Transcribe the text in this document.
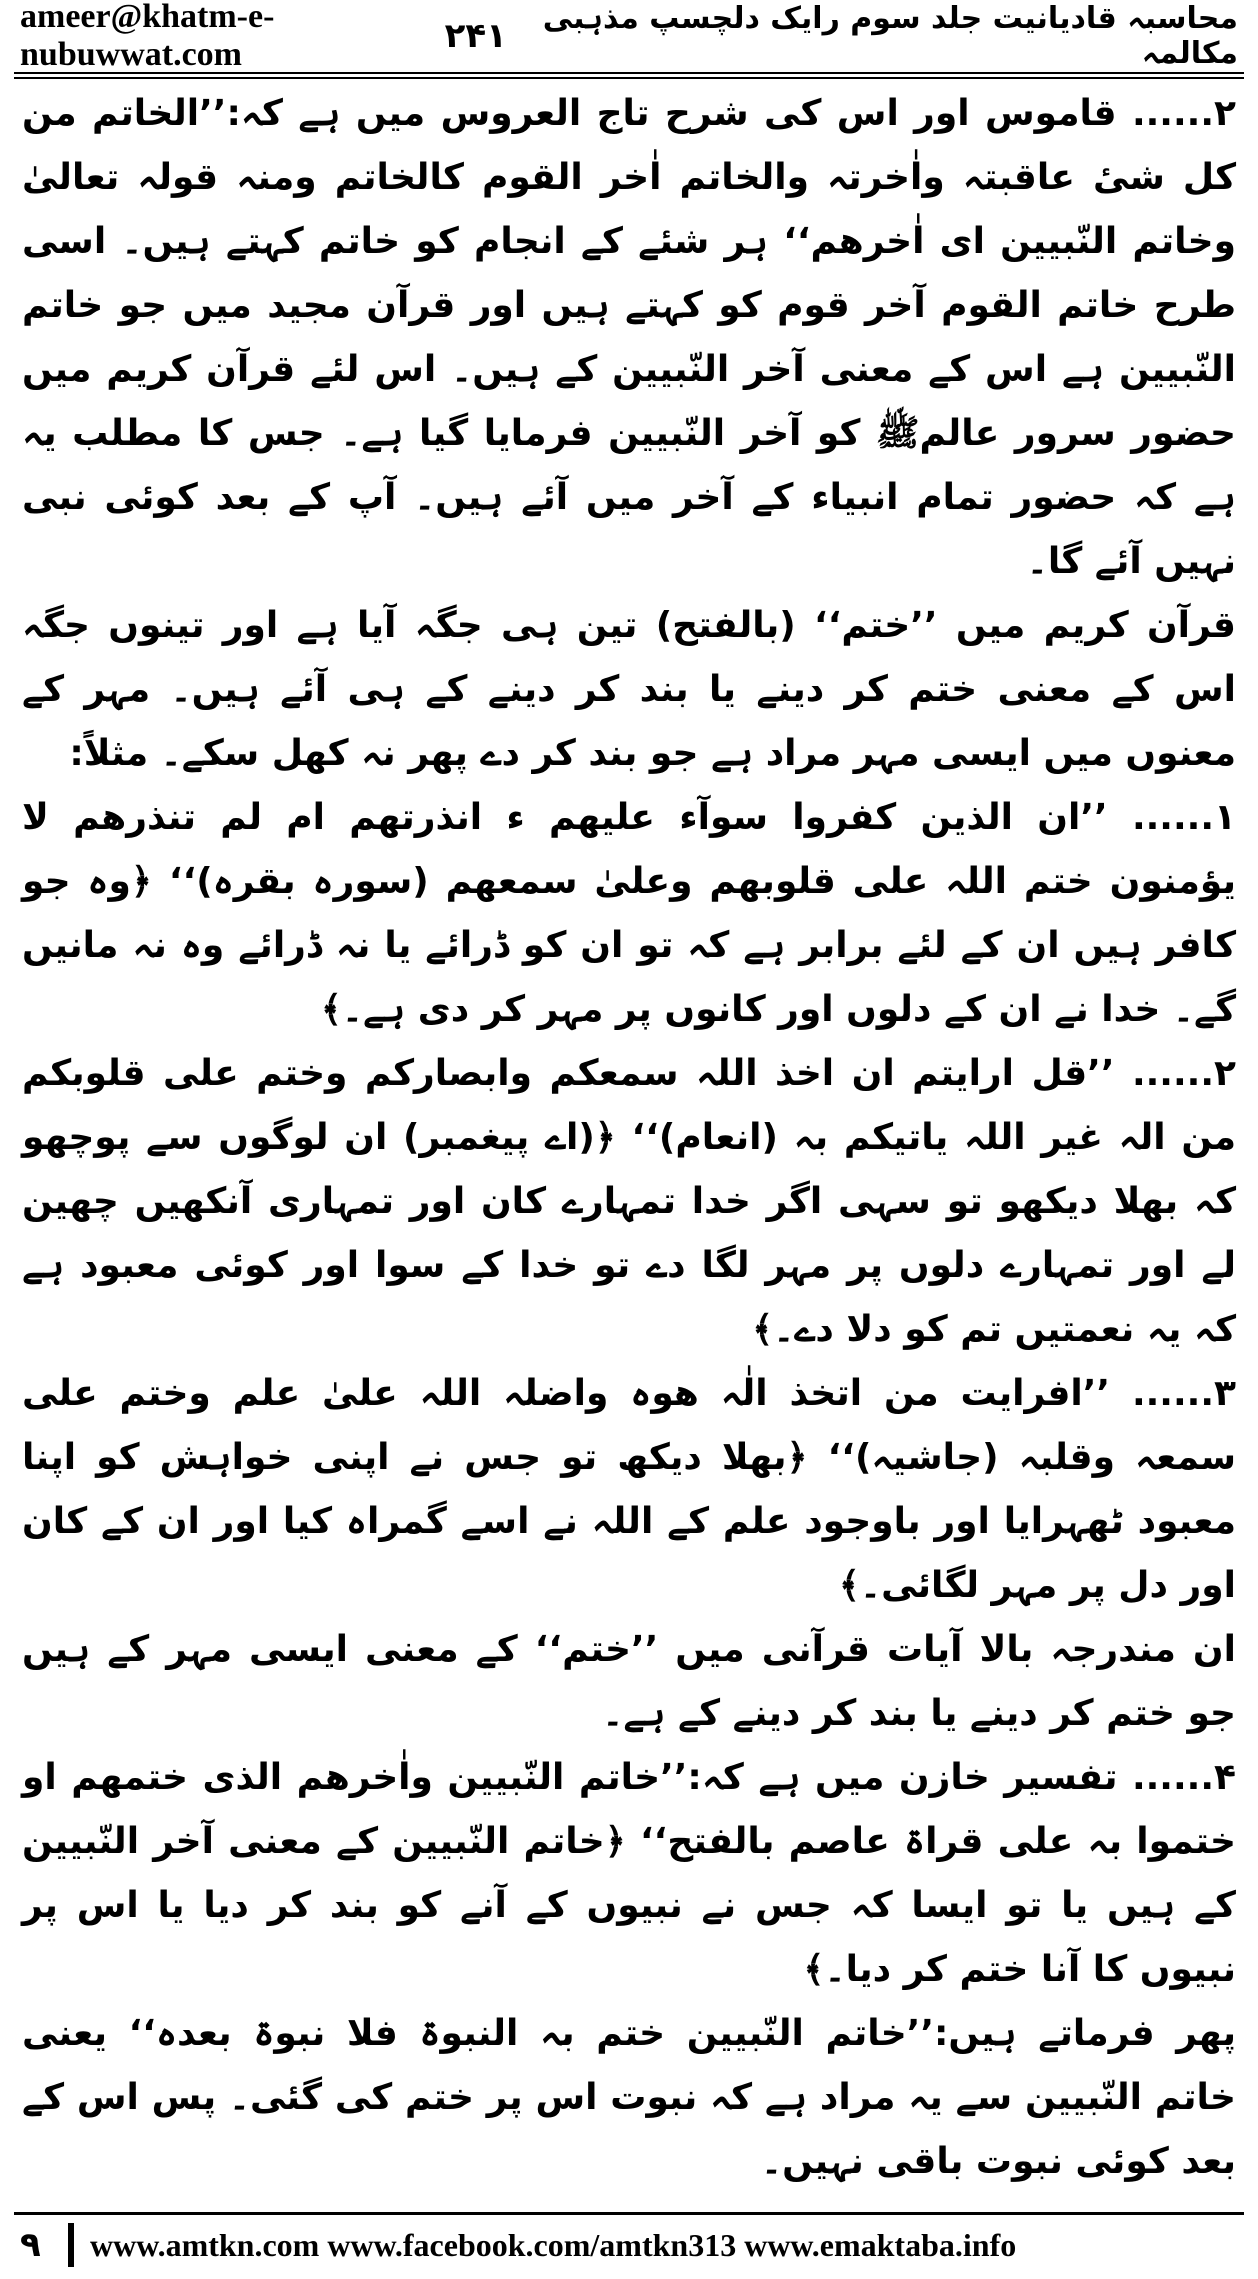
ameer@khatm-e-nubuwwat.com
محاسبہ قادیانیت جلد سوم رایک دلچسپ مذہبی مکالمہ
۲۴۱

۲...... قاموس اور اس کی شرح تاج العروس میں ہے کہ:’’الخاتم من کل شیٔ عاقبتہ واٰخرتہ والخاتم اٰخر القوم کالخاتم ومنہ قولہ تعالیٰ وخاتم النّبیین ای اٰخرھم‘‘ ہر شئے کے انجام کو خاتم کہتے ہیں۔ اسی طرح خاتم القوم آخر قوم کو کہتے ہیں اور قرآن مجید میں جو خاتم النّبیین ہے اس کے معنی آخر النّبیین کے ہیں۔ اس لئے قرآن کریم میں حضور سرور عالمﷺ کو آخر النّبیین فرمایا گیا ہے۔ جس کا مطلب یہ ہے کہ حضور تمام انبیاء کے آخر میں آئے ہیں۔ آپ کے بعد کوئی نبی نہیں آئے گا۔

قرآن کریم میں ’’ختم‘‘ (بالفتح) تین ہی جگہ آیا ہے اور تینوں جگہ اس کے معنی ختم کر دینے یا بند کر دینے کے ہی آئے ہیں۔ مہر کے معنوں میں ایسی مہر مراد ہے جو بند کر دے پھر نہ کھل سکے۔ مثلاً:

۱...... ’’ان الذین کفروا سوآء علیھم ء انذرتھم ام لم تنذرھم لا یؤمنون ختم اللہ علی قلوبھم وعلیٰ سمعھم (سورہ بقرہ)‘‘ ﴿وہ جو کافر ہیں ان کے لئے برابر ہے کہ تو ان کو ڈرائے یا نہ ڈرائے وہ نہ مانیں گے۔ خدا نے ان کے دلوں اور کانوں پر مہر کر دی ہے۔﴾

۲...... ’’قل ارایتم ان اخذ اللہ سمعکم وابصارکم وختم علی قلوبکم من الہ غیر اللہ یاتیکم بہ (انعام)‘‘ ﴿(اے پیغمبر) ان لوگوں سے پوچھو کہ بھلا دیکھو تو سہی اگر خدا تمہارے کان اور تمہاری آنکھیں چھین لے اور تمہارے دلوں پر مہر لگا دے تو خدا کے سوا اور کوئی معبود ہے کہ یہ نعمتیں تم کو دلا دے۔﴾

۳...... ’’افرایت من اتخذ الٰہ ھوہ واضلہ اللہ علیٰ علم وختم علی سمعہ وقلبہ (جاشیہ)‘‘ ﴿بھلا دیکھ تو جس نے اپنی خواہش کو اپنا معبود ٹھہرایا اور باوجود علم کے اللہ نے اسے گمراہ کیا اور ان کے کان اور دل پر مہر لگائی۔﴾

ان مندرجہ بالا آیات قرآنی میں ’’ختم‘‘ کے معنی ایسی مہر کے ہیں جو ختم کر دینے یا بند کر دینے کے ہے۔

۴...... تفسیر خازن میں ہے کہ:’’خاتم النّبیین واٰخرھم الذی ختمھم او ختموا بہ علی قراۃ عاصم بالفتح‘‘ ﴿خاتم النّبیین کے معنی آخر النّبیین کے ہیں یا تو ایسا کہ جس نے نبیوں کے آنے کو بند کر دیا یا اس پر نبیوں کا آنا ختم کر دیا۔﴾

پھر فرماتے ہیں:’’خاتم النّبیین ختم بہ النبوۃ فلا نبوۃ بعدہ‘‘ یعنی خاتم النّبیین سے یہ مراد ہے کہ نبوت اس پر ختم کی گئی۔ پس اس کے بعد کوئی نبوت باقی نہیں۔

۹	www.amtkn.com www.facebook.com/amtkn313 www.emaktaba.info
